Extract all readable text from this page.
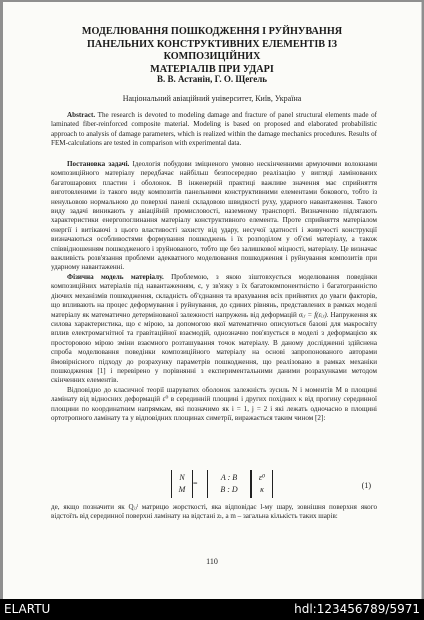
МОДЕЛЮВАННЯ ПОШКОДЖЕННЯ І РУЙНУВАННЯ
ПАНЕЛЬНИХ КОНСТРУКТИВНИХ ЕЛЕМЕНТІВ ІЗ КОМПОЗИЦІЙНИХ
МАТЕРІАЛІВ ПРИ УДАРІ
В. В. Астанін, Г. О. Щегель
Національний авіаційний університет, Київ, Україна

Abstract. The research is devoted to modeling damage and fracture of panel structural elements made of laminated fiber-reinforced composite material. Modeling is based on proposed and elaborated probabilistic approach to analysis of damage parameters, which is realized within the damage mechanics procedures. Results of FEM-calculations are tested in comparison with experimental data.

Постановка задачі. Ідеологія побудови зміцненого умовно нескінченними армуючими волокнами композиційного матеріалу передбачає найбільш безпосередню реалізацію у вигляді ламінованих багатошарових пластин і оболонок. В інженерній практиці важливе значення має сприйняття виготовленими із такого виду композитів панельними конструктивними елементами бокового, тобто із ненульовою нормальною до поверхні панелі складовою швидкості руху, ударного навантаження. Такого виду задачі виникають у авіаційній промисловості, наземному транспорті. Визначенню підлягають характеристики енергопоглинання матеріалу конструктивного елемента. Проте сприйняття матеріалом енергії і витікаючі з цього властивості захисту від удару, несучої здатності і живучості конструкції визначаються особливостями формування пошкоджень і їх розподілом у об'ємі матеріалу, а також співвідношенням пошкодженого і зруйнованого, тобто ще без залишкової міцності, матеріалу. Це визначає важливість розв'язання проблеми адекватного моделювання пошкодження і руйнування композитів при ударному навантаженні.

Фізична модель матеріалу. Проблемою, з якою зіштовхується моделювання поведінки композиційних матеріалів під навантаженням, є, у зв'язку з їх багатокомпонентністю і багатогранністю діючих механізмів пошкодження, складність об'єднання та врахування всіх прийнятих до уваги факторів, що впливають на процес деформування і руйнування, до єдиних рівнянь, представлених в рамках моделі матеріалу як математично детермінованої залежності напружень від деформацій σᵢⱼ = f(εᵢⱼ). Напруження як силова характеристика, що є мірою, за допомогою якої математично описуються базові для макросвіту вплив електромагнітної та гравітаційної взаємодій, однозначно пов'язується в моделі з деформацією як просторовою мірою зміни взаємного розташування точок матеріалу. В даному дослідженні здійснена спроба моделювання поведінки композиційного матеріалу на основі запропонованого авторами ймовірнісного підходу до розрахунку параметрів пошкодження, що реалізовано в рамках механіки пошкодження [1] і перевірено у порівнянні з експериментальними даними розрахунками методом скінченних елементів.

Відповідно до класичної теорії шаруватих оболонок залежність зусиль N і моментів M в площині ламінату від відносних деформацій ε⁰ в серединній площині і других похідних κ від прогину серединної площини по координатним напрямкам, які позначимо як i = 1, j = 2 і які лежать одночасно в площині ортотропного ламінату та у відповідних площинах симетрії, виражається таким чином [2]:

N
M
=
A : B
B : D
ε⁰
κ	(1)
де, якщо позначити як Qᵢⱼˡ матрицю жорсткості, яка відповідає l-му шару, зовнішня поверхня якого відстоїть від серединної поверхні ламінату на відстані zₗ, а m – загальна кількість таких шарів:
110
ELARTU	hdl:123456789/5971
